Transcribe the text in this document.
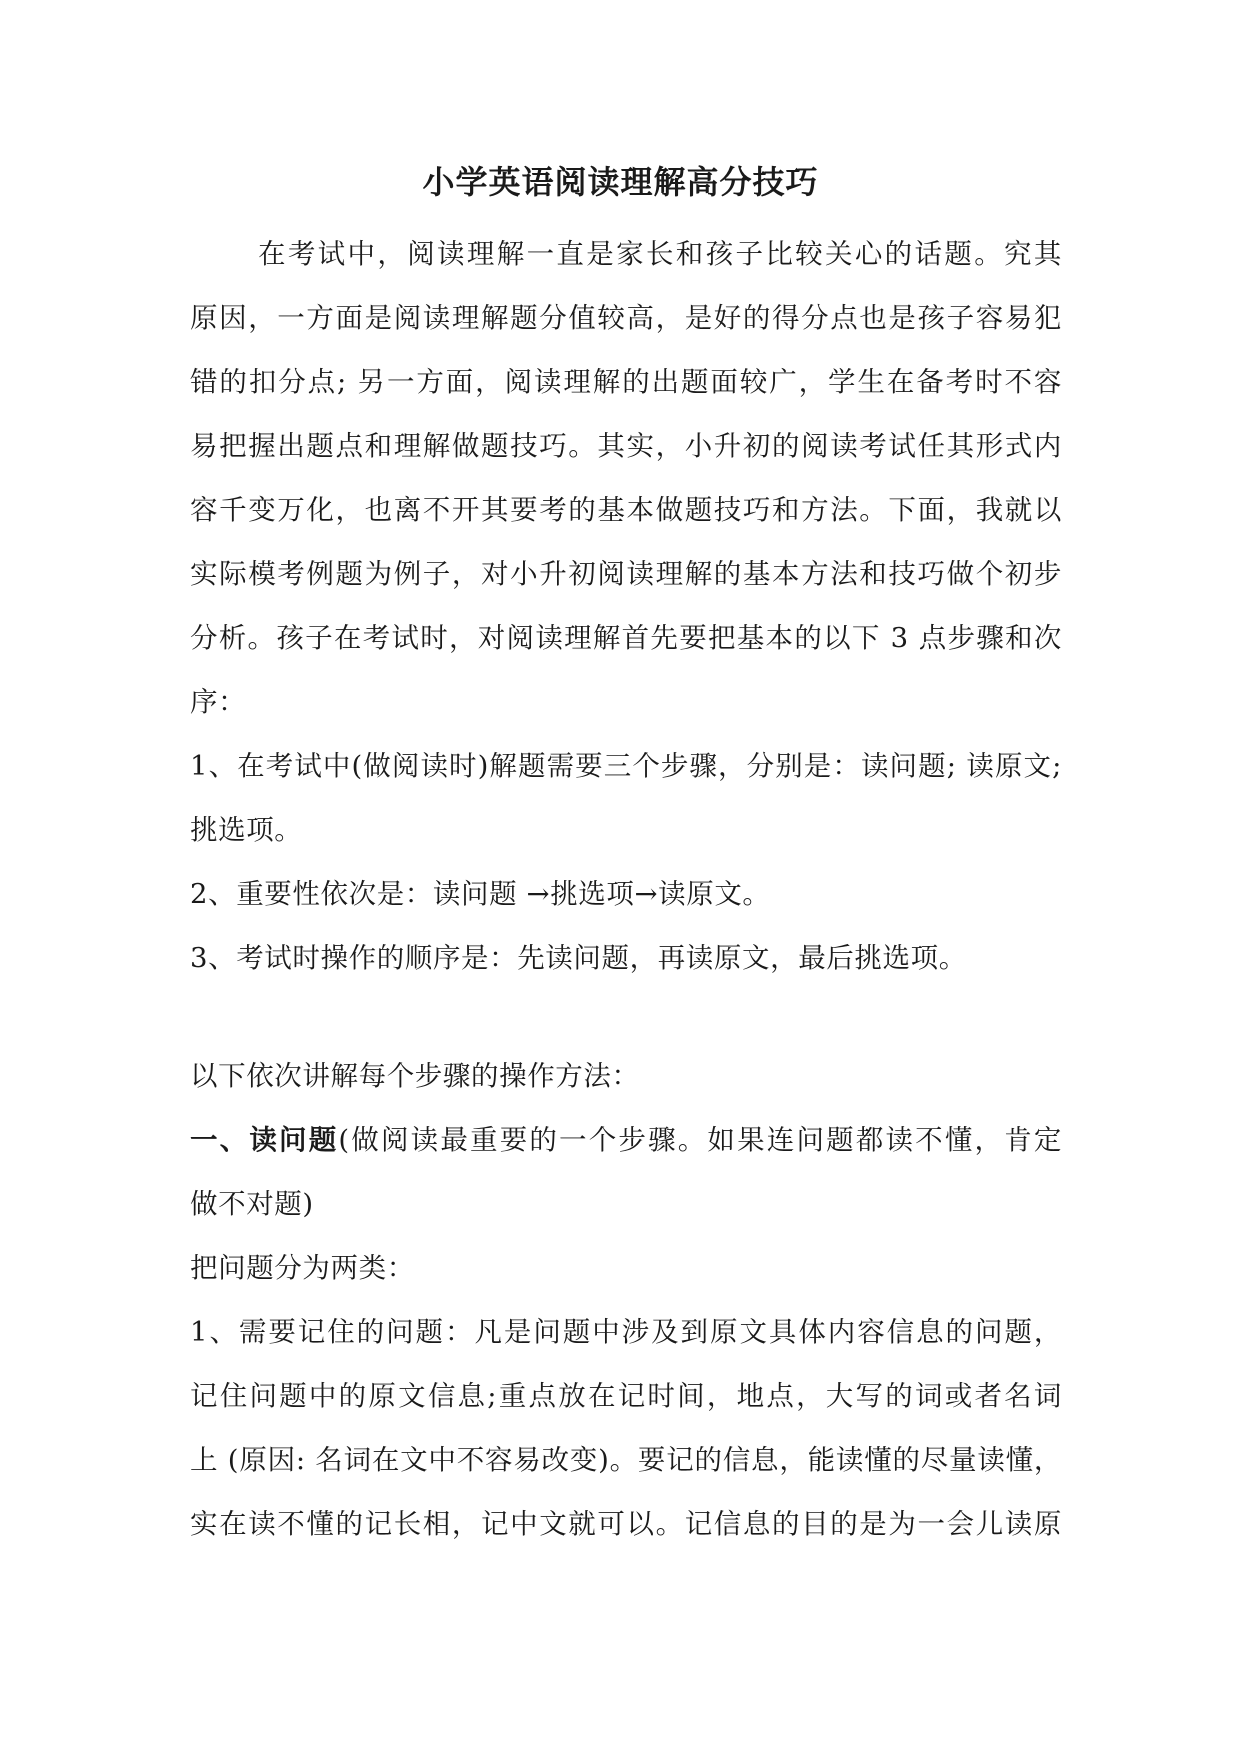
小学英语阅读理解高分技巧
在考试中，阅读理解一直是家长和孩子比较关心的话题。究其
原因，一方面是阅读理解题分值较高，是好的得分点也是孩子容易犯
错的扣分点; 另一方面，阅读理解的出题面较广，学生在备考时不容
易把握出题点和理解做题技巧。其实，小升初的阅读考试任其形式内
容千变万化，也离不开其要考的基本做题技巧和方法。下面，我就以
实际模考例题为例子，对小升初阅读理解的基本方法和技巧做个初步
分析。孩子在考试时，对阅读理解首先要把基本的以下 3 点步骤和次
序：
1、在考试中(做阅读时)解题需要三个步骤，分别是：读问题; 读原文;
挑选项。
2、重要性依次是：读问题 →挑选项→读原文。
3、考试时操作的顺序是：先读问题，再读原文，最后挑选项。
以下依次讲解每个步骤的操作方法：
一、读问题(做阅读最重要的一个步骤。如果连问题都读不懂，肯定
做不对题)
把问题分为两类：
1、需要记住的问题：凡是问题中涉及到原文具体内容信息的问题，
记住问题中的原文信息;重点放在记时间，地点，大写的词或者名词
上 (原因: 名词在文中不容易改变)。要记的信息，能读懂的尽量读懂，
实在读不懂的记长相，记中文就可以。记信息的目的是为一会儿读原
